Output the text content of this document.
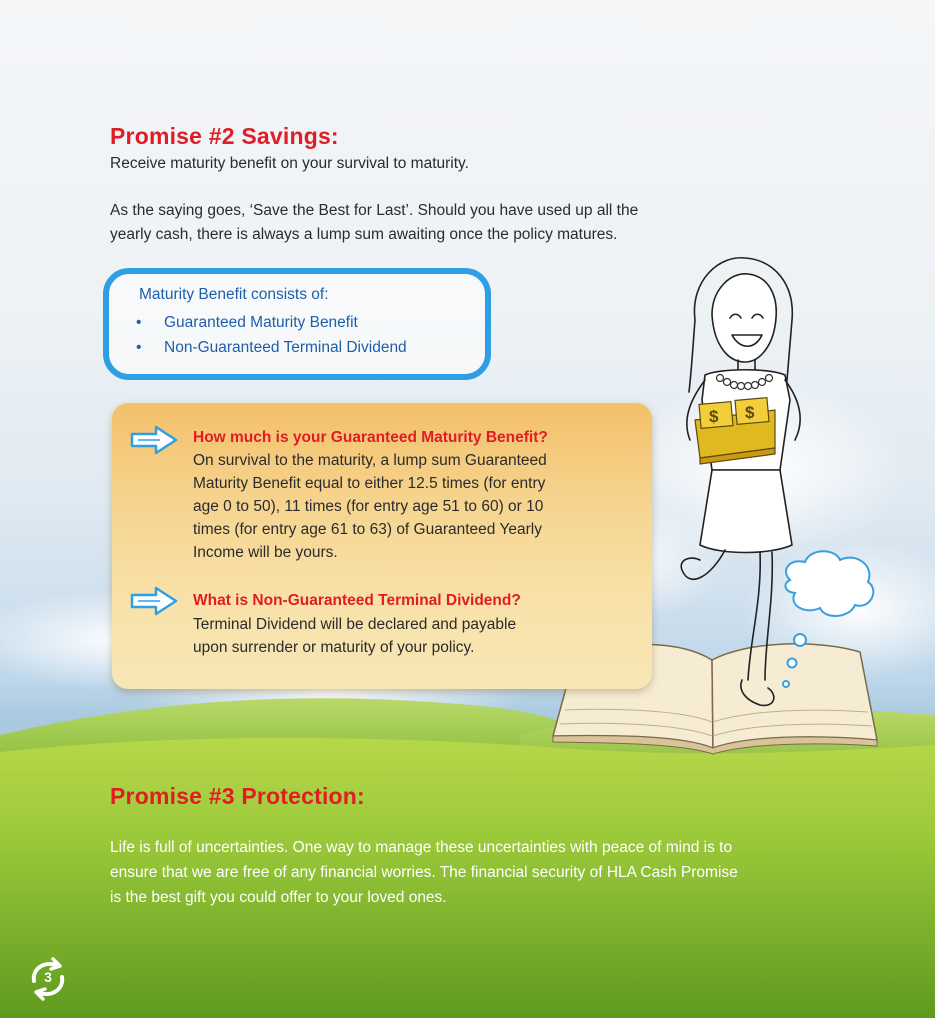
$ $
Promise #2 Savings:

Receive maturity benefit on your survival to maturity.

As the saying goes, ‘Save the Best for Last’. Should you have used up all the

yearly cash, there is always a lump sum awaiting once the policy matures.

Maturity Benefit consists of:

• Guaranteed Maturity Benefit
• Non-Guaranteed Terminal Dividend

How much is your Guaranteed Maturity Benefit?

On survival to the maturity, a lump sum Guaranteed

Maturity Benefit equal to either 12.5 times (for entry

age 0 to 50), 11 times (for entry age 51 to 60) or 10

times (for entry age 61 to 63) of Guaranteed Yearly

Income will be yours.

What is Non-Guaranteed Terminal Dividend?

Terminal Dividend will be declared and payable

upon surrender or maturity of your policy.

Promise #3 Protection:

Life is full of uncertainties. One way to manage these uncertainties with peace of mind is to

ensure that we are free of any financial worries. The financial security of HLA Cash Promise

is the best gift you could offer to your loved ones.

3
